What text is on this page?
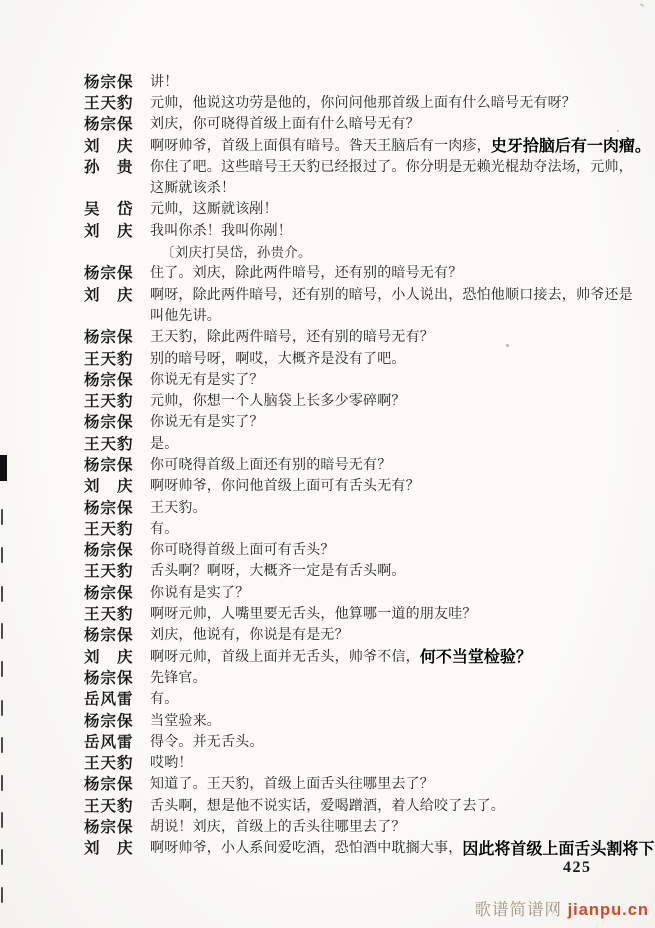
杨宗保	讲！
王天豹	元帅，他说这功劳是他的，你问问他那首级上面有什么暗号无有呀？
杨宗保	刘庆，你可晓得首级上面有什么暗号无有？
刘　庆	啊呀帅爷，首级上面俱有暗号。昝天王脑后有一肉疹， 史牙拾脑后有一肉瘤。
孙　贵	你住了吧。这些暗号王天豹已经报过了。你分明是无赖光棍劫夺法场，元帅，
这厮就该杀！
吴　岱	元帅，这厮就该剐！
刘　庆	我叫你杀！我叫你剐！
〔刘庆打吴岱，孙贵介。
杨宗保	住了。刘庆，除此两件暗号，还有别的暗号无有？
刘　庆	啊呀，除此两件暗号，还有别的暗号，小人说出，恐怕他顺口接去，帅爷还是
叫他先讲。
杨宗保	王天豹，除此两件暗号，还有别的暗号无有？
王天豹	别的暗号呀，啊哎，大概齐是没有了吧。
杨宗保	你说无有是实了？
王天豹	元帅，你想一个人脑袋上长多少零碎啊？
杨宗保	你说无有是实了？
王天豹	是。
杨宗保	你可晓得首级上面还有别的暗号无有？
刘　庆	啊呀帅爷，你问他首级上面可有舌头无有？
杨宗保	王天豹。
王天豹	有。
杨宗保	你可晓得首级上面可有舌头？
王天豹	舌头啊？啊呀，大概齐一定是有舌头啊。
杨宗保	你说有是实了？
王天豹	啊呀元帅，人嘴里要无舌头，他算哪一道的朋友哇？
杨宗保	刘庆，他说有，你说是有是无？
刘　庆	啊呀元帅，首级上面并无舌头，帅爷不信， 何不当堂检验？
杨宗保	先锋官。
岳风雷	有。
杨宗保	当堂验来。
岳风雷	得令。并无舌头。
王天豹	哎哟！
杨宗保	知道了。王天豹，首级上面舌头往哪里去了？
王天豹	舌头啊，想是他不说实话，爱喝蹭酒，着人给咬了去了。
杨宗保	胡说！刘庆，首级上的舌头往哪里去了？
刘　庆	啊呀帅爷，小人系间爱吃酒，恐怕酒中耽搁大事， 因此将首级上面舌头割将下
425
歌谱简谱网 jianpu.cn
